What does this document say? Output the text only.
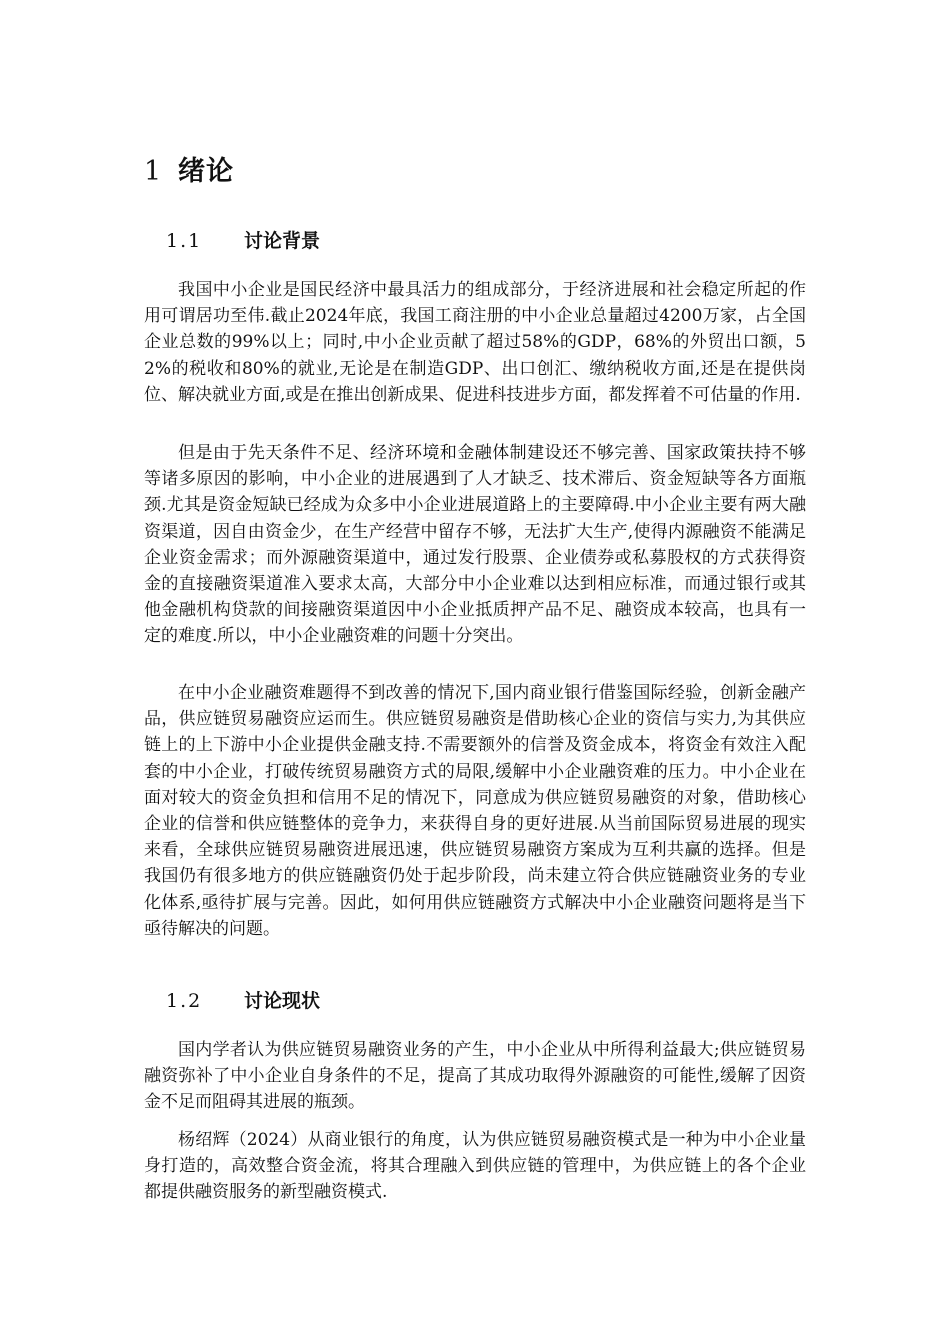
1 绪论
1.1 讨论背景

我国中小企业是国民经济中最具活力的组成部分，于经济进展和社会稳定所起的作用可谓居功至伟.截止2024年底，我国工商注册的中小企业总量超过4200万家，占全国企业总数的99%以上；同时,中小企业贡献了超过58%的GDP，68%的外贸出口额，52%的税收和80%的就业,无论是在制造GDP、出口创汇、缴纳税收方面,还是在提供岗位、解决就业方面,或是在推出创新成果、促进科技进步方面，都发挥着不可估量的作用.

但是由于先天条件不足、经济环境和金融体制建设还不够完善、国家政策扶持不够等诸多原因的影响，中小企业的进展遇到了人才缺乏、技术滞后、资金短缺等各方面瓶颈.尤其是资金短缺已经成为众多中小企业进展道路上的主要障碍.中小企业主要有两大融资渠道，因自由资金少，在生产经营中留存不够，无法扩大生产,使得内源融资不能满足企业资金需求；而外源融资渠道中，通过发行股票、企业债券或私募股权的方式获得资金的直接融资渠道准入要求太高，大部分中小企业难以达到相应标准，而通过银行或其他金融机构贷款的间接融资渠道因中小企业抵质押产品不足、融资成本较高，也具有一定的难度.所以，中小企业融资难的问题十分突出。

在中小企业融资难题得不到改善的情况下,国内商业银行借鉴国际经验，创新金融产品，供应链贸易融资应运而生。供应链贸易融资是借助核心企业的资信与实力,为其供应链上的上下游中小企业提供金融支持.不需要额外的信誉及资金成本，将资金有效注入配套的中小企业，打破传统贸易融资方式的局限,缓解中小企业融资难的压力。中小企业在面对较大的资金负担和信用不足的情况下，同意成为供应链贸易融资的对象，借助核心企业的信誉和供应链整体的竞争力，来获得自身的更好进展.从当前国际贸易进展的现实来看，全球供应链贸易融资进展迅速，供应链贸易融资方案成为互利共赢的选择。但是我国仍有很多地方的供应链融资仍处于起步阶段，尚未建立符合供应链融资业务的专业化体系,亟待扩展与完善。因此，如何用供应链融资方式解决中小企业融资问题将是当下亟待解决的问题。

1.2 讨论现状

国内学者认为供应链贸易融资业务的产生，中小企业从中所得利益最大;供应链贸易融资弥补了中小企业自身条件的不足，提高了其成功取得外源融资的可能性,缓解了因资金不足而阻碍其进展的瓶颈。

杨绍辉（2024）从商业银行的角度，认为供应链贸易融资模式是一种为中小企业量身打造的，高效整合资金流，将其合理融入到供应链的管理中，为供应链上的各个企业都提供融资服务的新型融资模式.
